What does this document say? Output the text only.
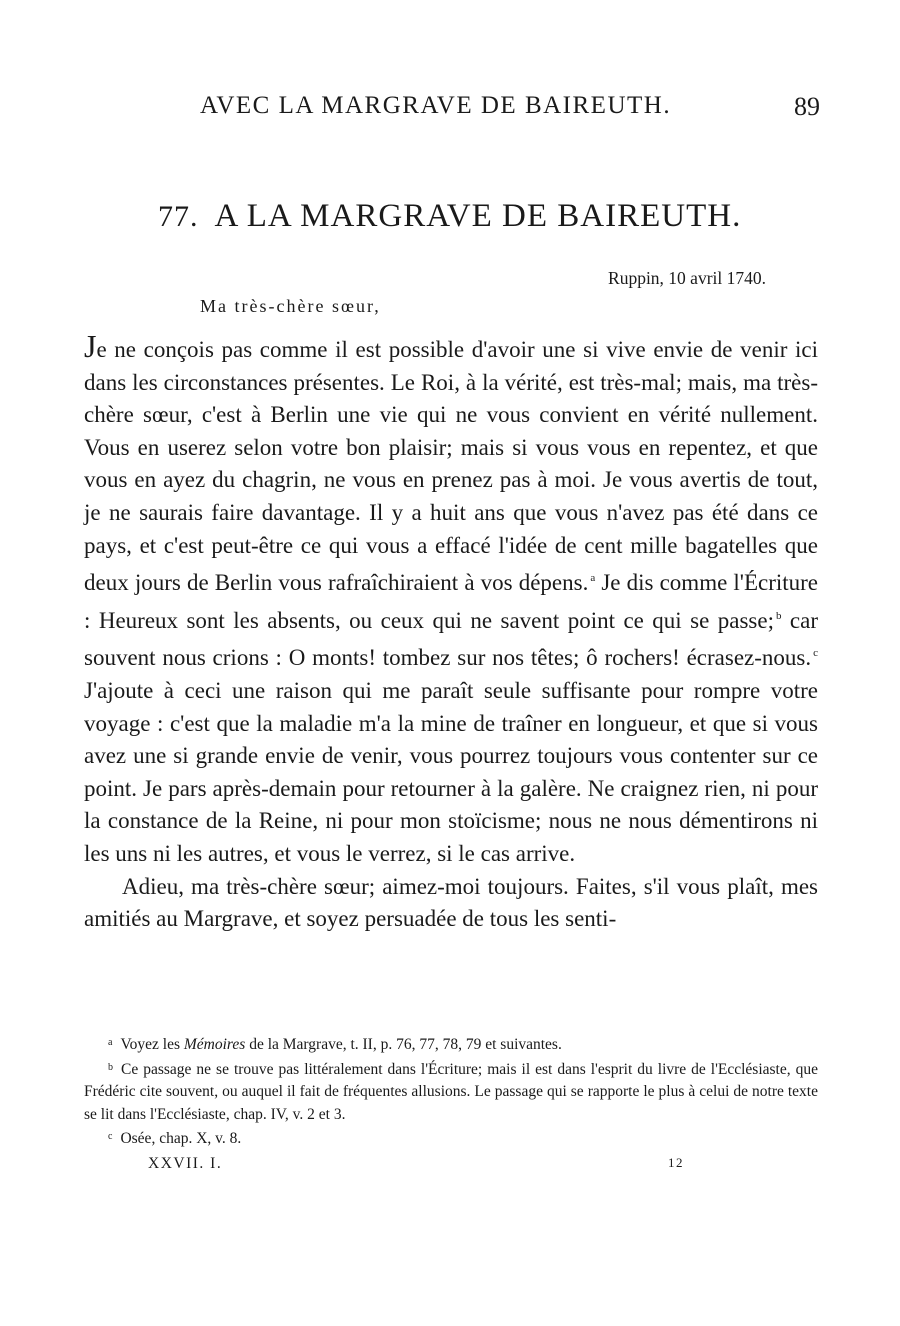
AVEC LA MARGRAVE DE BAIREUTH.	89
77. A LA MARGRAVE DE BAIREUTH.
Ruppin, 10 avril 1740.
Ma très-chère sœur,

Je ne conçois pas comme il est possible d'avoir une si vive envie de venir ici dans les circonstances présentes. Le Roi, à la vérité, est très-mal; mais, ma très-chère sœur, c'est à Berlin une vie qui ne vous convient en vérité nullement. Vous en userez selon votre bon plaisir; mais si vous vous en repentez, et que vous en ayez du chagrin, ne vous en prenez pas à moi. Je vous avertis de tout, je ne saurais faire davantage. Il y a huit ans que vous n'avez pas été dans ce pays, et c'est peut-être ce qui vous a effacé l'idée de cent mille bagatelles que deux jours de Berlin vous rafraîchiraient à vos dépens. $^a$ Je dis comme l'Écriture : Heureux sont les absents, ou ceux qui ne savent point ce qui se passe; $^b$ car souvent nous crions : O monts! tombez sur nos têtes; ô rochers! écrasez-nous. $^c$ J'ajoute à ceci une raison qui me paraît seule suffisante pour rompre votre voyage : c'est que la maladie m'a la mine de traîner en longueur, et que si vous avez une si grande envie de venir, vous pourrez toujours vous contenter sur ce point. Je pars après-demain pour retourner à la galère. Ne craignez rien, ni pour la constance de la Reine, ni pour mon stoïcisme; nous ne nous démentirons ni les uns ni les autres, et vous le verrez, si le cas arrive.

Adieu, ma très-chère sœur; aimez-moi toujours. Faites, s'il vous plaît, mes amitiés au Margrave, et soyez persuadée de tous les senti-

$^a$ Voyez les Mémoires de la Margrave, t. II, p. 76, 77, 78, 79 et suivantes.

$^b$ Ce passage ne se trouve pas littéralement dans l'Écriture; mais il est dans l'esprit du livre de l'Ecclésiaste, que Frédéric cite souvent, ou auquel il fait de fréquentes allusions. Le passage qui se rapporte le plus à celui de notre texte se lit dans l'Ecclésiaste, chap. IV, v. 2 et 3.

$^c$ Osée, chap. X, v. 8.

XXVII. I.	12
